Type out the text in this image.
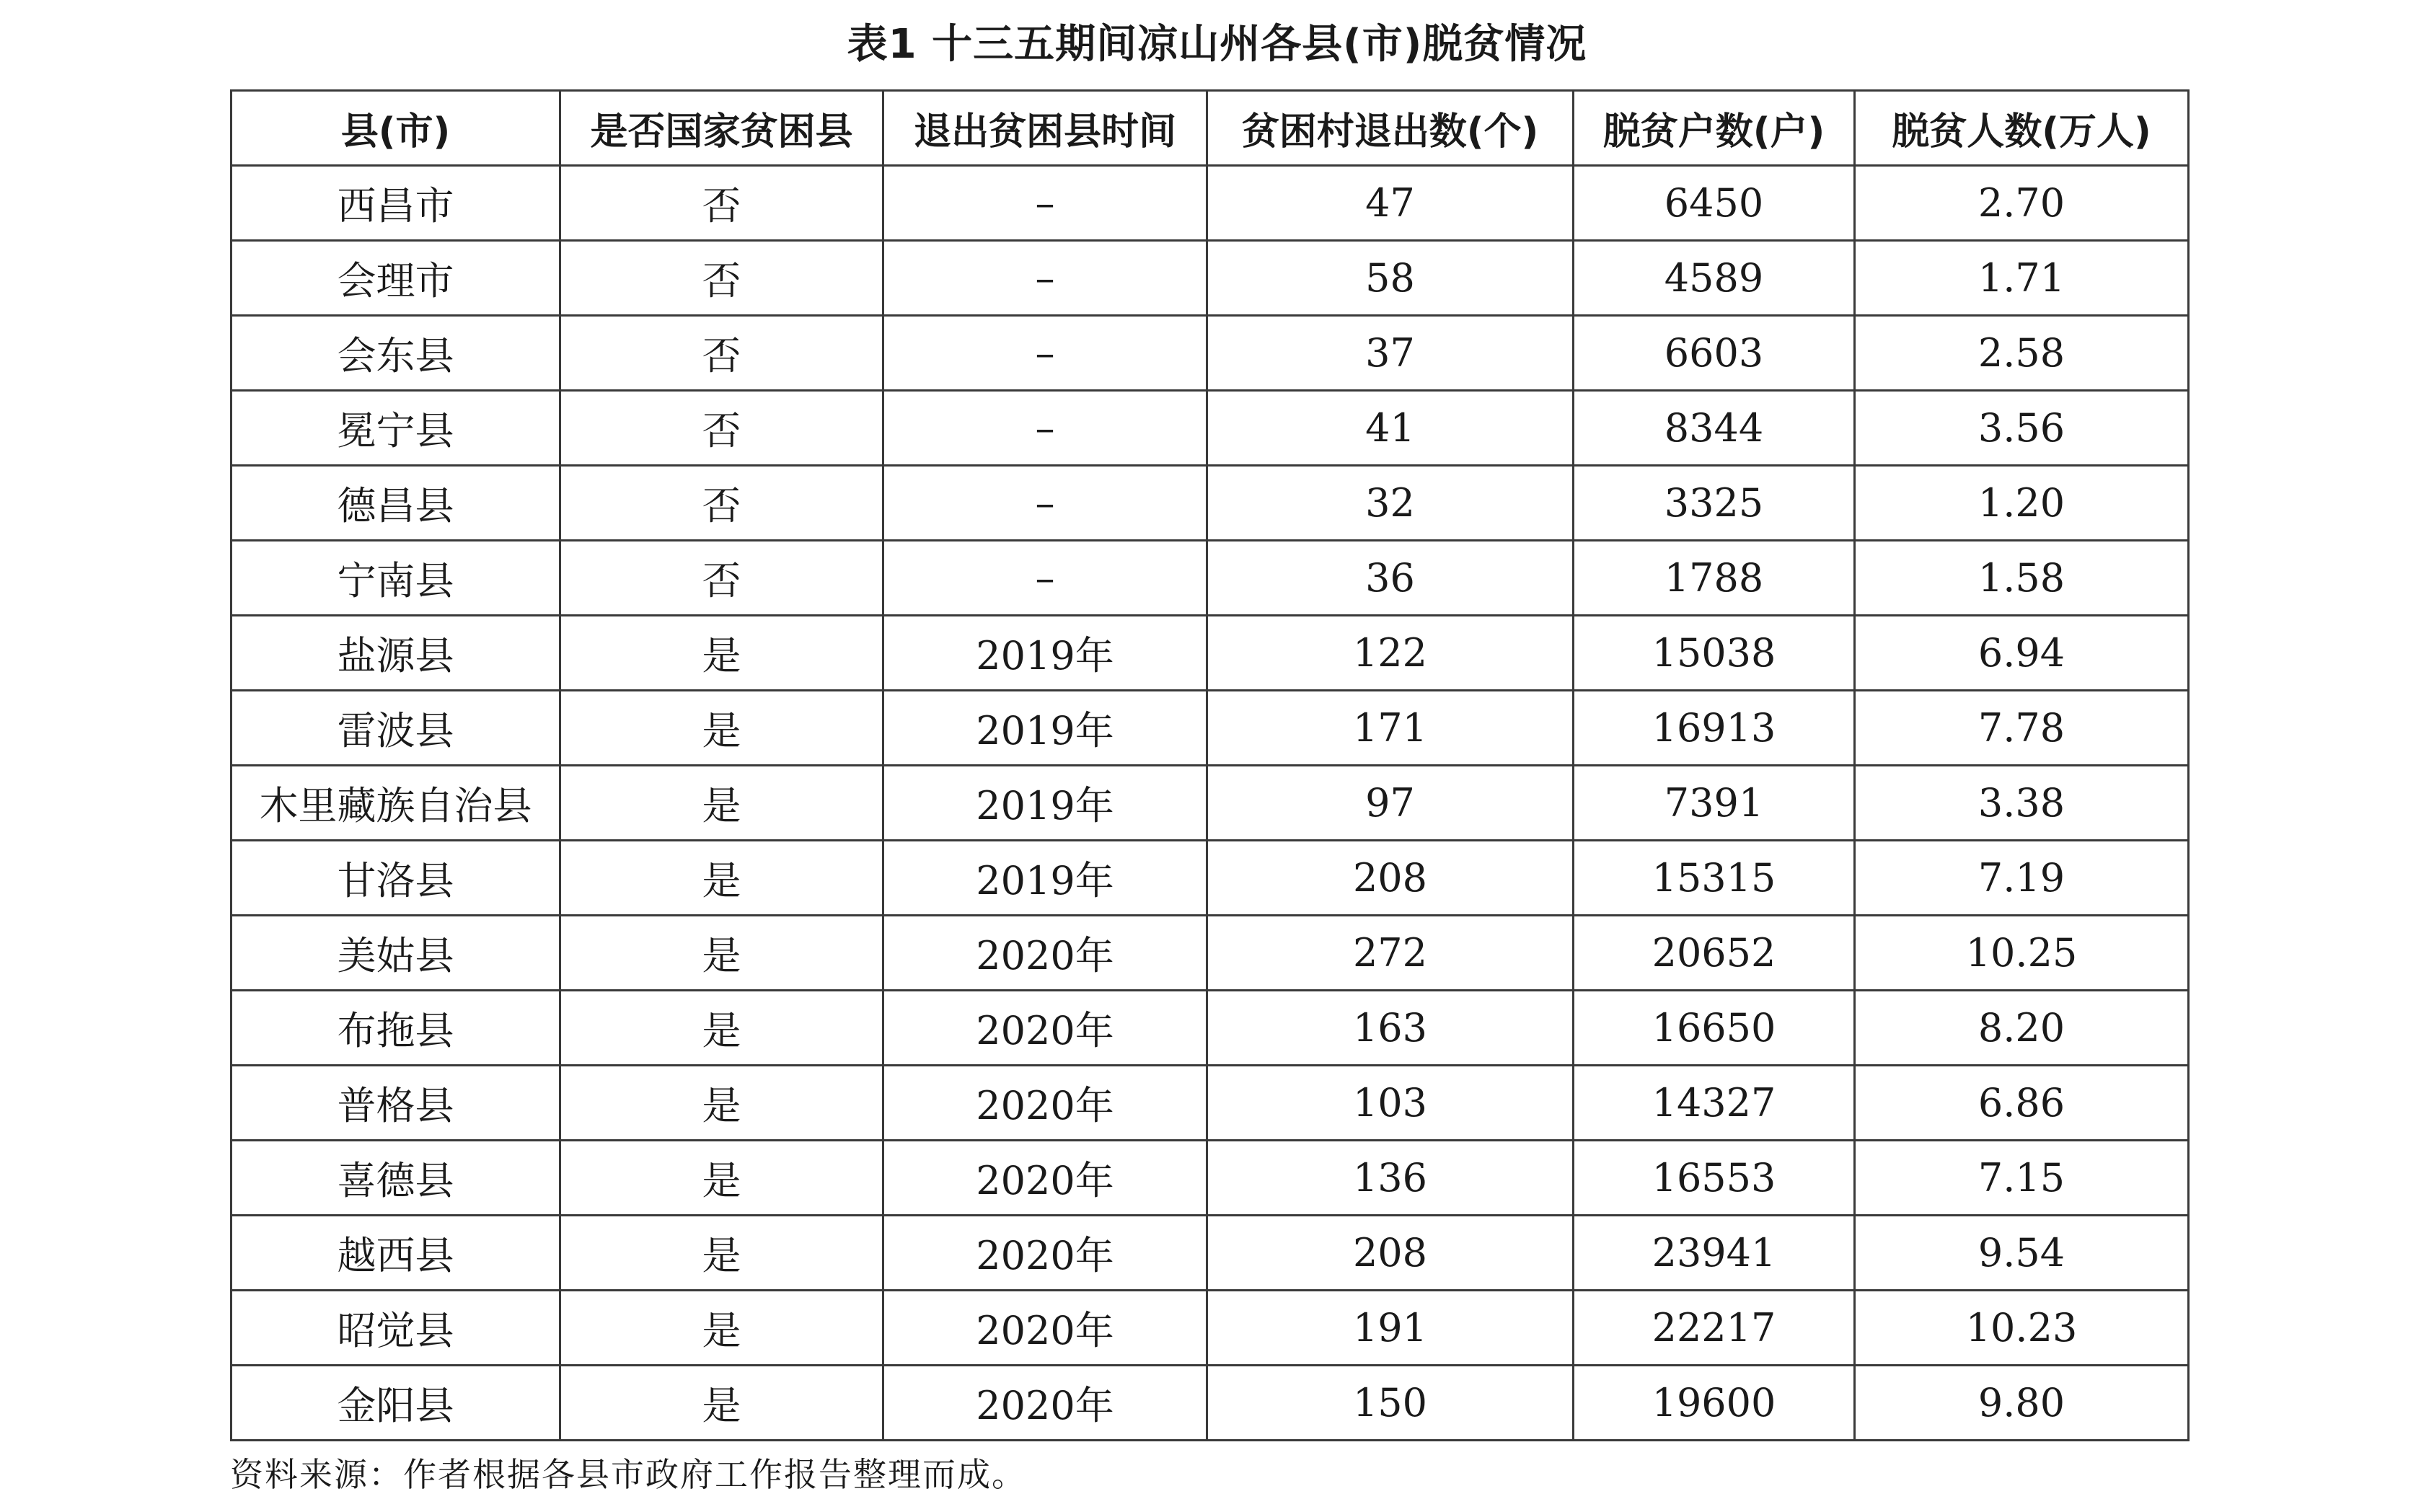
表1 十三五期间凉山州各县(市)脱贫情况
县(市)	是否国家贫困县	退出贫困县时间	贫困村退出数(个)	脱贫户数(户)	脱贫人数(万人)
西昌市	否	–	47	6450	2.70
会理市	否	–	58	4589	1.71
会东县	否	–	37	6603	2.58
冕宁县	否	–	41	8344	3.56
德昌县	否	–	32	3325	1.20
宁南县	否	–	36	1788	1.58
盐源县	是	2019年	122	15038	6.94
雷波县	是	2019年	171	16913	7.78
木里藏族自治县	是	2019年	97	7391	3.38
甘洛县	是	2019年	208	15315	7.19
美姑县	是	2020年	272	20652	10.25
布拖县	是	2020年	163	16650	8.20
普格县	是	2020年	103	14327	6.86
喜德县	是	2020年	136	16553	7.15
越西县	是	2020年	208	23941	9.54
昭觉县	是	2020年	191	22217	10.23
金阳县	是	2020年	150	19600	9.80
资料来源：作者根据各县市政府工作报告整理而成。
